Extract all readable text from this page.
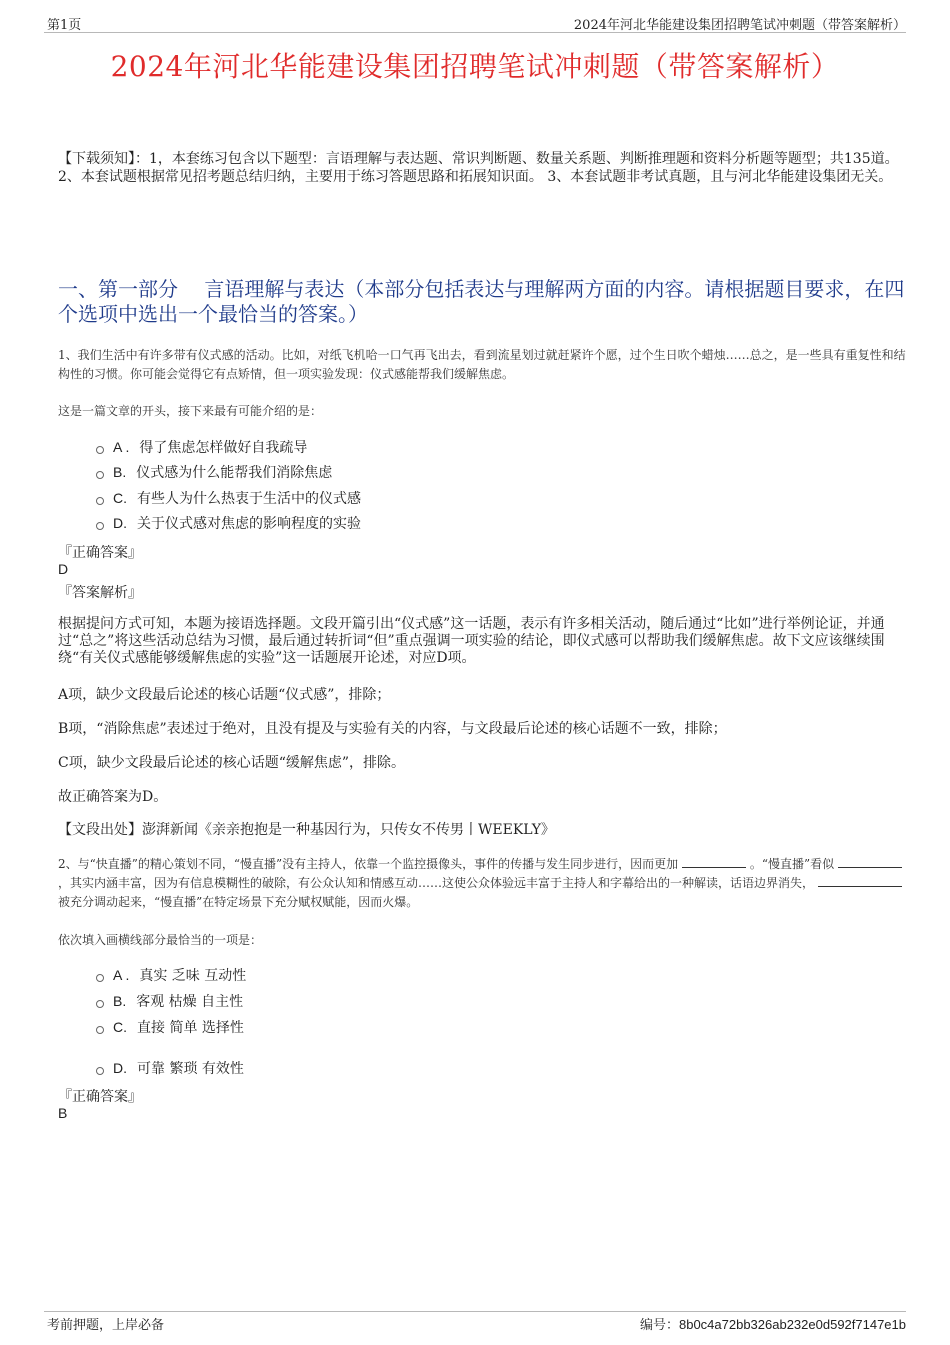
第1页	2024年河北华能建设集团招聘笔试冲刺题（带答案解析）
2024年河北华能建设集团招聘笔试冲刺题（带答案解析）
【下载须知】：1，本套练习包含以下题型：言语理解与表达题、常识判断题、数量关系题、判断推理题和资料分析题等题型；共135道。 2、本套试题根据常见招考题总结归纳，主要用于练习答题思路和拓展知识面。 3、本套试题非考试真题，且与河北华能建设集团无关。
一、第一部分　 言语理解与表达（本部分包括表达与理解两方面的内容。请根据题目要求，在四个选项中选出一个最恰当的答案。）
1、我们生活中有许多带有仪式感的活动。比如，对纸飞机哈一口气再飞出去，看到流星划过就赶紧许个愿，过个生日吹个蜡烛……总之，是一些具有重复性和结构性的习惯。你可能会觉得它有点矫情，但一项实验发现：仪式感能帮我们缓解焦虑。
这是一篇文章的开头，接下来最有可能介绍的是：
A . 得了焦虑怎样做好自我疏导
B. 仪式感为什么能帮我们消除焦虑
C. 有些人为什么热衷于生活中的仪式感
D. 关于仪式感对焦虑的影响程度的实验
『正确答案』
D
『答案解析』
根据提问方式可知，本题为接语选择题。文段开篇引出“仪式感”这一话题，表示有许多相关活动，随后通过“比如”进行举例论证，并通过“总之”将这些活动总结为习惯，最后通过转折词“但”重点强调一项实验的结论，即仪式感可以帮助我们缓解焦虑。故下文应该继续围绕“有关仪式感能够缓解焦虑的实验”这一话题展开论述，对应D项。
A项，缺少文段最后论述的核心话题“仪式感”，排除；
B项，“消除焦虑”表述过于绝对，且没有提及与实验有关的内容，与文段最后论述的核心话题不一致，排除；
C项，缺少文段最后论述的核心话题“缓解焦虑”，排除。
故正确答案为D。
【文段出处】澎湃新闻《亲亲抱抱是一种基因行为，只传女不传男丨WEEKLY》
2、与“快直播”的精心策划不同，“慢直播”没有主持人，依靠一个监控摄像头，事件的传播与发生同步进行，因而更加	。“慢直播”看似  ，其实内涵丰富，因为有信息模糊性的破除，有公众认知和情感互动……这使公众体验远丰富于主持人和字幕给出的一种解读，话语边界消失，  被充分调动起来，“慢直播”在特定场景下充分赋权赋能，因而火爆。
依次填入画横线部分最恰当的一项是：
A . 真实 乏味 互动性
B. 客观 枯燥 自主性
C. 直接 简单 选择性
D. 可靠 繁琐 有效性
『正确答案』
B
考前押题，上岸必备	编号：8b0c4a72bb326ab232e0d592f7147e1b
